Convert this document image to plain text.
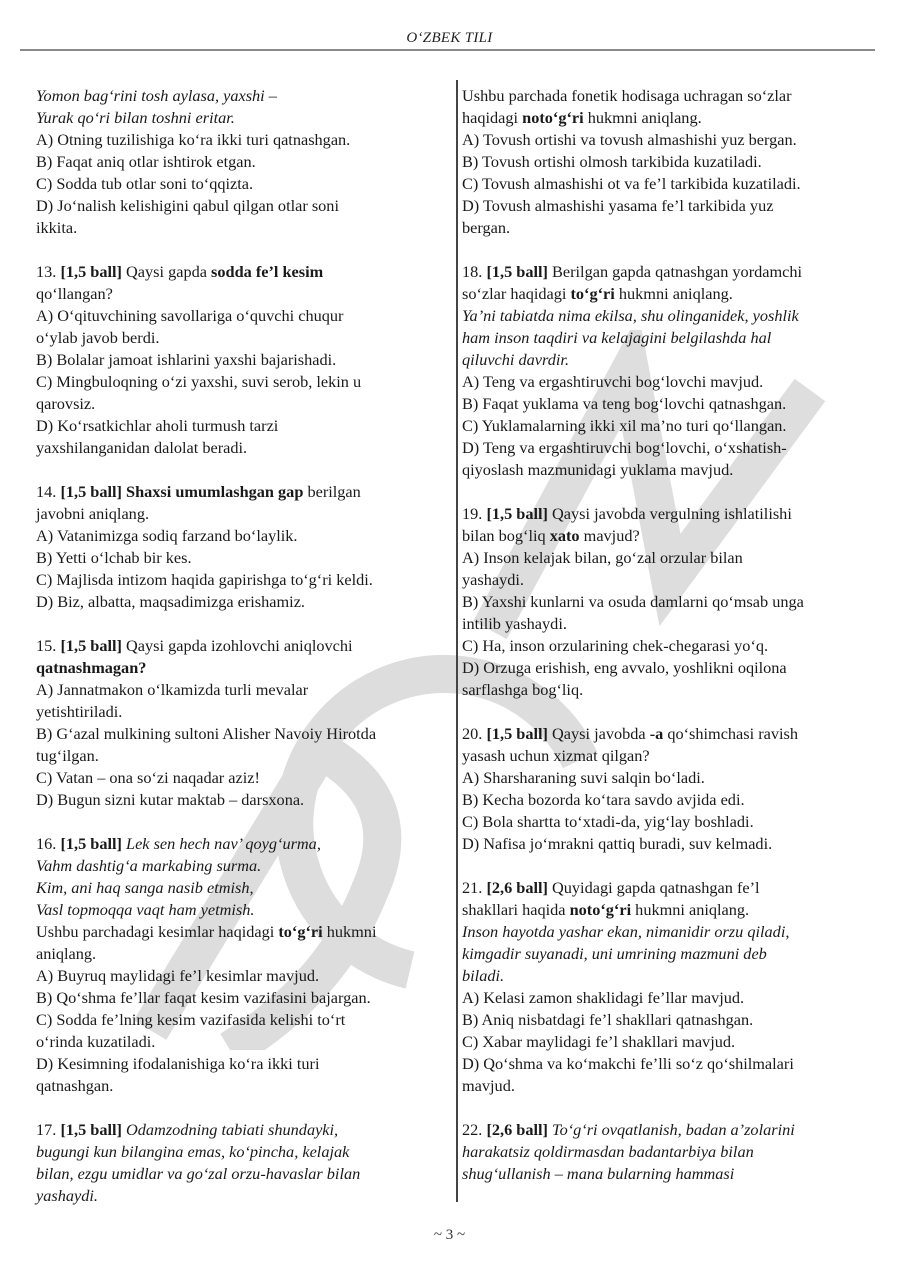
O‘ZBEK TILI
Yomon bag‘rini tosh aylasa, yaxshi –
Yurak qo‘ri bilan toshni eritar.
A) Otning tuzilishiga ko‘ra ikki turi qatnashgan.
B) Faqat aniq otlar ishtirok etgan.
C) Sodda tub otlar soni to‘qqizta.
D) Jo‘nalish kelishigini qabul qilgan otlar soni
ikkita.
13. [1,5 ball] Qaysi gapda sodda fe’l kesim
qo‘llangan?
A) O‘qituvchining savollariga o‘quvchi chuqur
o‘ylab javob berdi.
B) Bolalar jamoat ishlarini yaxshi bajarishadi.
C) Mingbuloqning o‘zi yaxshi, suvi serob, lekin u
qarovsiz.
D) Ko‘rsatkichlar aholi turmush tarzi
yaxshilanganidan dalolat beradi.
14. [1,5 ball] Shaxsi umumlashgan gap berilgan
javobni aniqlang.
A) Vatanimizga sodiq farzand bo‘laylik.
B) Yetti o‘lchab bir kes.
C) Majlisda intizom haqida gapirishga to‘g‘ri keldi.
D) Biz, albatta, maqsadimizga erishamiz.
15. [1,5 ball] Qaysi gapda izohlovchi aniqlovchi
qatnashmagan?
A) Jannatmakon o‘lkamizda turli mevalar
yetishtiriladi.
B) G‘azal mulkining sultoni Alisher Navoiy Hirotda
tug‘ilgan.
C) Vatan – ona so‘zi naqadar aziz!
D) Bugun sizni kutar maktab – darsxona.
16. [1,5 ball] Lek sen hech nav’ qoyg‘urma,
Vahm dashtig‘a markabing surma.
Kim, ani haq sanga nasib etmish,
Vasl topmoqqa vaqt ham yetmish.
Ushbu parchadagi kesimlar haqidagi to‘g‘ri hukmni
aniqlang.
A) Buyruq maylidagi fe’l kesimlar mavjud.
B) Qo‘shma fe’llar faqat kesim vazifasini bajargan.
C) Sodda fe’lning kesim vazifasida kelishi to‘rt
o‘rinda kuzatiladi.
D) Kesimning ifodalanishiga ko‘ra ikki turi
qatnashgan.
17. [1,5 ball] Odamzodning tabiati shundayki,
bugungi kun bilangina emas, ko‘pincha, kelajak
bilan, ezgu umidlar va go‘zal orzu-havaslar bilan
yashaydi.
Ushbu parchada fonetik hodisaga uchragan so‘zlar
haqidagi noto‘g‘ri hukmni aniqlang.
A) Tovush ortishi va tovush almashishi yuz bergan.
B) Tovush ortishi olmosh tarkibida kuzatiladi.
C) Tovush almashishi ot va fe’l tarkibida kuzatiladi.
D) Tovush almashishi yasama fe’l tarkibida yuz
bergan.
18. [1,5 ball] Berilgan gapda qatnashgan yordamchi
so‘zlar haqidagi to‘g‘ri hukmni aniqlang.
Ya’ni tabiatda nima ekilsa, shu olinganidek, yoshlik
ham inson taqdiri va kelajagini belgilashda hal
qiluvchi davrdir.
A) Teng va ergashtiruvchi bog‘lovchi mavjud.
B) Faqat yuklama va teng bog‘lovchi qatnashgan.
C) Yuklamalarning ikki xil ma’no turi qo‘llangan.
D) Teng va ergashtiruvchi bog‘lovchi, o‘xshatish-
qiyoslash mazmunidagi yuklama mavjud.
19. [1,5 ball] Qaysi javobda vergulning ishlatilishi
bilan bog‘liq xato mavjud?
A) Inson kelajak bilan, go‘zal orzular bilan
yashaydi.
B) Yaxshi kunlarni va osuda damlarni qo‘msab unga
intilib yashaydi.
C) Ha, inson orzularining chek-chegarasi yo‘q.
D) Orzuga erishish, eng avvalo, yoshlikni oqilona
sarflashga bog‘liq.
20. [1,5 ball] Qaysi javobda -a qo‘shimchasi ravish
yasash uchun xizmat qilgan?
A) Sharsharaning suvi salqin bo‘ladi.
B) Kecha bozorda ko‘tara savdo avjida edi.
C) Bola shartta to‘xtadi-da, yig‘lay boshladi.
D) Nafisa jo‘mrakni qattiq buradi, suv kelmadi.
21. [2,6 ball] Quyidagi gapda qatnashgan fe’l
shakllari haqida noto‘g‘ri hukmni aniqlang.
Inson hayotda yashar ekan, nimanidir orzu qiladi,
kimgadir suyanadi, uni umrining mazmuni deb
biladi.
A) Kelasi zamon shaklidagi fe’llar mavjud.
B) Aniq nisbatdagi fe’l shakllari qatnashgan.
C) Xabar maylidagi fe’l shakllari mavjud.
D) Qo‘shma va ko‘makchi fe’lli so‘z qo‘shilmalari
mavjud.
22. [2,6 ball] To‘g‘ri ovqatlanish, badan a’zolarini
harakatsiz qoldirmasdan badantarbiya bilan
shug‘ullanish – mana bularning hammasi
~ 3 ~
